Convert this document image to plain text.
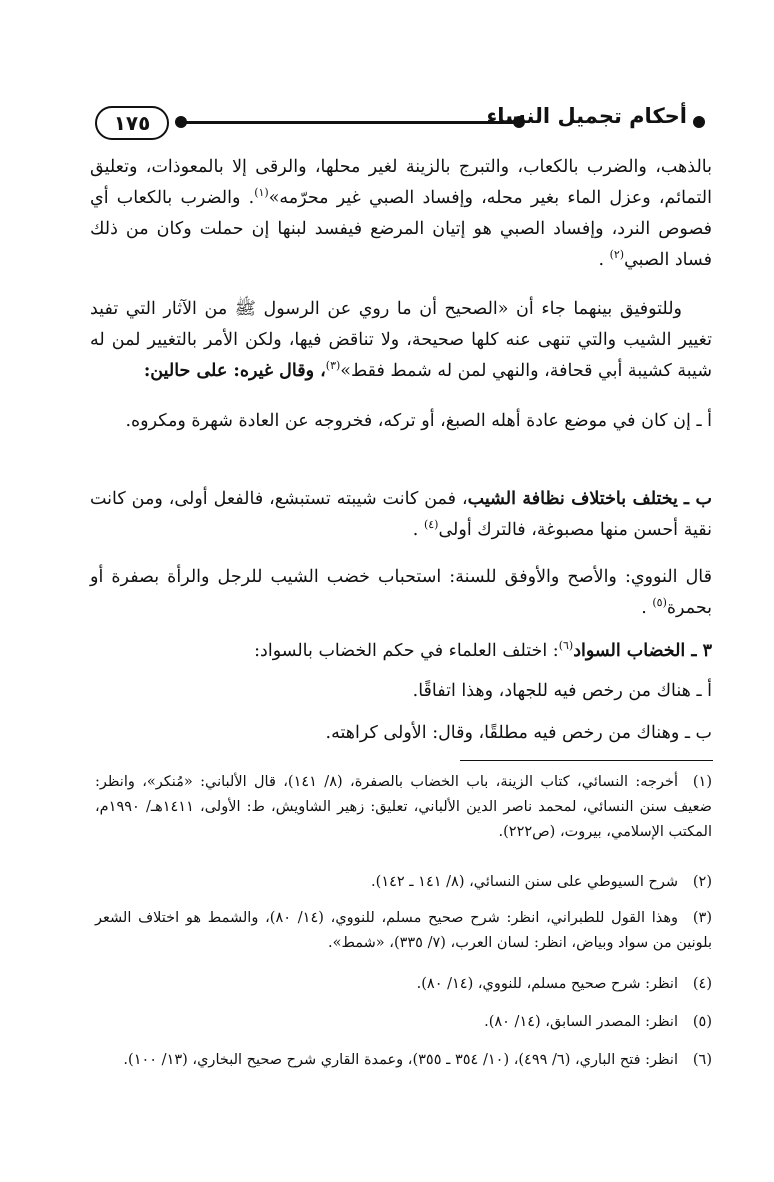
١٧٥	أحكام تجميل النساء

بالذهب، والضرب بالكعاب، والتبرج بالزينة لغير محلها، والرقى إلا بالمعوذات، وتعليق التمائم، وعزل الماء بغير محله، وإفساد الصبي غير محرّمه»$^{(١)}$. والضرب بالكعاب أي فصوص النرد، وإفساد الصبي هو إتيان المرضع فيفسد لبنها إن حملت وكان من ذلك فساد الصبي$^{(٢)}$ .

وللتوفيق بينهما جاء أن «الصحيح أن ما روي عن الرسول ﷺ من الآثار التي تفيد تغيير الشيب والتي تنهى عنه كلها صحيحة، ولا تناقض فيها، ولكن الأمر بالتغيير لمن له شيبة كشيبة أبي قحافة، والنهي لمن له شمط فقط»$^{(٣)}$، وقال غيره: على حالين:

أ ـ إن كان في موضع عادة أهله الصبغ، أو تركه، فخروجه عن العادة شهرة ومكروه.

ب ـ يختلف باختلاف نظافة الشيب، فمن كانت شيبته تستبشع، فالفعل أولى، ومن كانت نقية أحسن منها مصبوغة، فالترك أولى$^{(٤)}$ .

قال النووي: والأصح والأوفق للسنة: استحباب خضب الشيب للرجل والرأة بصفرة أو بحمرة$^{(٥)}$ .

٣ ـ الخضاب السواد$^{(٦)}$: اختلف العلماء في حكم الخضاب بالسواد:

أ ـ هناك من رخص فيه للجهاد، وهذا اتفاقًا.

ب ـ وهناك من رخص فيه مطلقًا، وقال: الأولى كراهته.

(١)أخرجه: النسائي، كتاب الزينة، باب الخضاب بالصفرة، (٨/ ١٤١)، قال الألباني: «مُنكر»، وانظر: ضعيف سنن النسائي، لمحمد ناصر الدين الألباني، تعليق: زهير الشاويش، ط: الأولى، ١٤١١هـ/ ١٩٩٠م، المكتب الإسلامي، بيروت، (ص٢٢٢).
(٢)شرح السيوطي على سنن النسائي، (٨/ ١٤١ ـ ١٤٢).
(٣)وهذا القول للطبراني، انظر: شرح صحيح مسلم، للنووي، (١٤/ ٨٠)، والشمط هو اختلاف الشعر بلونين من سواد وبياض، انظر: لسان العرب، (٧/ ٣٣٥)، «شمط».
(٤)انظر: شرح صحيح مسلم، للنووي، (١٤/ ٨٠).
(٥)انظر: المصدر السابق، (١٤/ ٨٠).
(٦)انظر: فتح الباري، (٦/ ٤٩٩)، (١٠/ ٣٥٤ ـ ٣٥٥)، وعمدة القاري شرح صحيح البخاري، (١٣/ ١٠٠).
